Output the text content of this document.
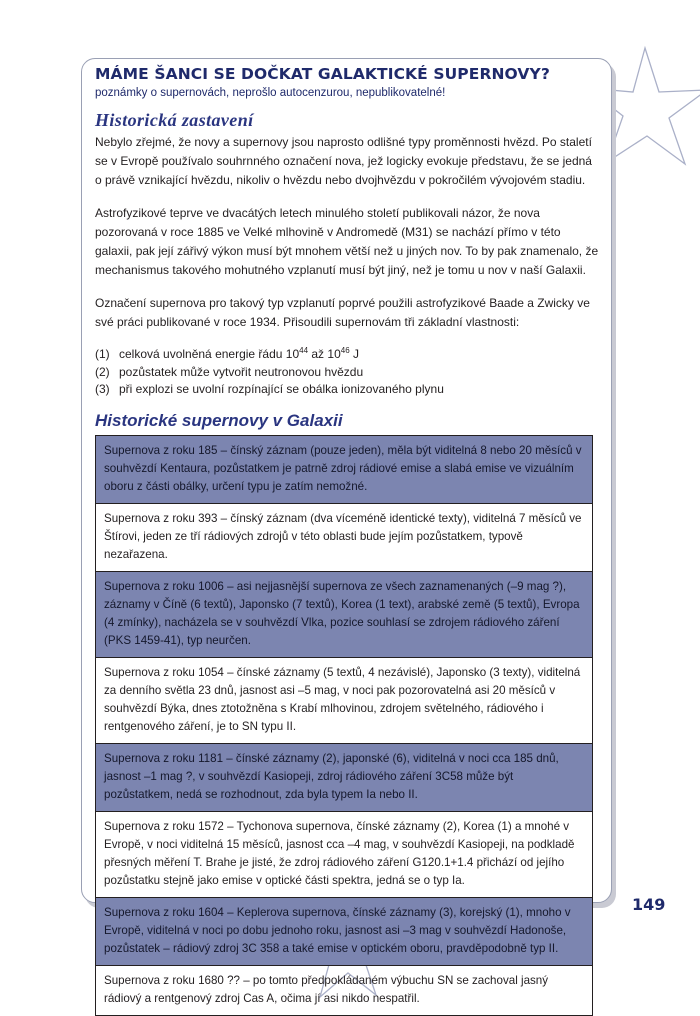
MÁME ŠANCI SE DOČKAT GALAKTICKÉ SUPERNOVY?

poznámky o supernovách, neprošlo autocenzurou, nepublikovatelné!

Historická zastavení

Nebylo zřejmé, že novy a supernovy jsou naprosto odlišné typy proměnnosti hvězd. Po staletí se v Evropě používalo souhrnného označení nova, jež logicky evokuje představu, že se jedná o právě vznikající hvězdu, nikoliv o hvězdu nebo dvojhvězdu v pokročilém vývojovém stadiu.

Astrofyzikové teprve ve dvacátých letech minulého století publikovali názor, že nova pozorovaná v roce 1885 ve Velké mlhovině v Andromedě (M31) se nachází přímo v této galaxii, pak její zářivý výkon musí být mnohem větší než u jiných nov. To by pak znamenalo, že mechanismus takového mohutného vzplanutí musí být jiný, než je tomu u nov v naší Galaxii.

Označení supernova pro takový typ vzplanutí poprvé použili astrofyzikové Baade a Zwicky ve své práci publikované v roce 1934. Přisoudili supernovám tři základní vlastnosti:

(1) celková uvolněná energie řádu $10^{44}$ až $10^{46}$ J
(2) pozůstatek může vytvořit neutronovou hvězdu
(3) při explozi se uvolní rozpínající se obálka ionizovaného plynu
Historické supernovy v Galaxii
Supernova z roku 185 – čínský záznam (pouze jeden), měla být viditelná 8 nebo 20 měsíců v souhvězdí Kentaura, pozůstatkem je patrně zdroj rádiové emise a slabá emise ve vizuálním oboru z části obálky, určení typu je zatím nemožné.
Supernova z roku 393 – čínský záznam (dva víceméně identické texty), viditelná 7 měsíců ve Štírovi, jeden ze tří rádiových zdrojů v této oblasti bude jejím pozůstatkem, typově nezařazena.
Supernova z roku 1006 – asi nejjasnější supernova ze všech zaznamenaných (–9 mag ?), záznamy v Číně (6 textů), Japonsko (7 textů), Korea (1 text), arabské země (5 textů), Evropa (4 zmínky), nacházela se v souhvězdí Vlka, pozice souhlasí se zdrojem rádiového záření (PKS 1459-41), typ neurčen.
Supernova z roku 1054 – čínské záznamy (5 textů, 4 nezávislé), Japonsko (3 texty), viditelná za denního světla 23 dnů, jasnost asi –5 mag, v noci pak pozorovatelná asi 20 měsíců v souhvězdí Býka, dnes ztotožněna s Krabí mlhovinou, zdrojem světelného, rádiového i rentgenového záření, je to SN typu II.
Supernova z roku 1181 – čínské záznamy (2), japonské (6), viditelná v noci cca 185 dnů, jasnost –1 mag ?, v souhvězdí Kasiopeji, zdroj rádiového záření 3C58 může být pozůstatkem, nedá se rozhodnout, zda byla typem Ia nebo II.
Supernova z roku 1572 – Tychonova supernova, čínské záznamy (2), Korea (1) a mnohé v Evropě, v noci viditelná 15 měsíců, jasnost cca –4 mag, v souhvězdí Kasiopeji, na podkladě přesných měření T. Brahe je jisté, že zdroj rádiového záření G120.1+1.4 přichází od jejího pozůstatku stejně jako emise v optické části spektra, jedná se o typ Ia.
Supernova z roku 1604 – Keplerova supernova, čínské záznamy (3), korejský (1), mnoho v Evropě, viditelná v noci po dobu jednoho roku, jasnost asi –3 mag v souhvězdí Hadonoše, pozůstatek – rádiový zdroj 3C 358 a také emise v optickém oboru, pravděpodobně typ II.
Supernova z roku 1680 ?? – po tomto předpokládaném výbuchu SN se zachoval jasný rádiový a rentgenový zdroj Cas A, očima jí asi nikdo nespatřil.
149
